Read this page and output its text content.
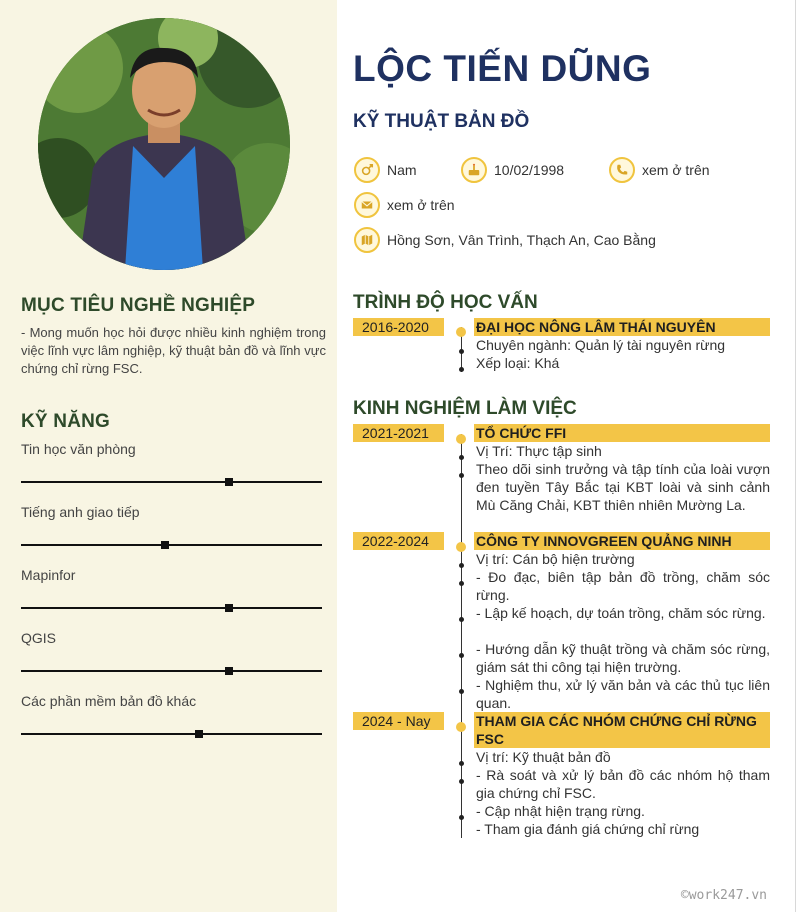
MỤC TIÊU NGHỀ NGHIỆP
- Mong muốn học hỏi được nhiều kinh nghiệm trong việc lĩnh vực lâm nghiệp, kỹ thuật bản đồ và lĩnh vực chứng chỉ rừng FSC.
KỸ NĂNG
Tin học văn phòng
Tiếng anh giao tiếp
Mapinfor
QGIS
Các phần mềm bản đồ khác
LỘC TIẾN DŨNG
KỸ THUẬT BẢN ĐỒ
Nam	10/02/1998	xem ở trên
xem ở trên
Hồng Sơn, Vân Trình, Thạch An, Cao Bằng
TRÌNH ĐỘ HỌC VẤN
2016-2020	ĐẠI HỌC NÔNG LÂM THÁI NGUYÊN
Chuyên ngành: Quản lý tài nguyên rừng
Xếp loại: Khá
KINH NGHIỆM LÀM VIỆC
2021-2021	TỔ CHỨC FFI
Vị Trí: Thực tập sinh
Theo dõi sinh trưởng và tập tính của loài vượn đen tuyền Tây Bắc tại KBT loài và sinh cảnh Mù Căng Chải, KBT thiên nhiên Mường La.
2022-2024	CÔNG TY INNOVGREEN QUẢNG NINH
Vị trí: Cán bộ hiện trường
- Đo đạc, biên tập bản đồ trồng, chăm sóc rừng.
- Lập kế hoạch, dự toán trồng, chăm sóc rừng.
- Hướng dẫn kỹ thuật trồng và chăm sóc rừng, giám sát thi công tại hiện trường.
- Nghiệm thu, xử lý văn bản và các thủ tục liên quan.
2024 - Nay	THAM GIA CÁC NHÓM CHỨNG CHỈ RỪNG FSC
Vị trí: Kỹ thuật bản đồ
- Rà soát và xử lý bản đồ các nhóm hộ tham gia chứng chỉ FSC.
- Cập nhật hiện trạng rừng.
- Tham gia đánh giá chứng chỉ rừng
©work247.vn
